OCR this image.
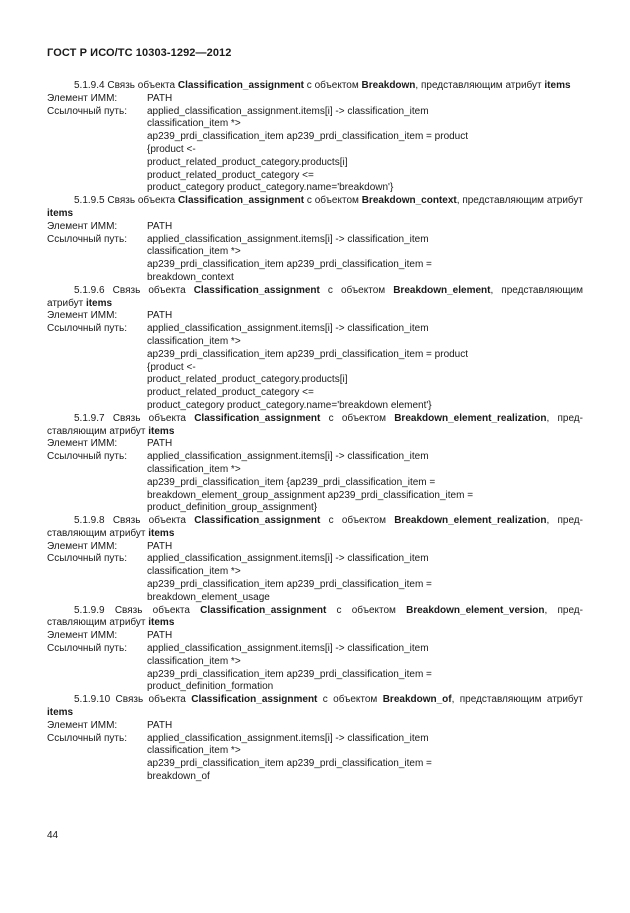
ГОСТ Р ИСО/ТС 10303-1292—2012
5.1.9.4 Связь объекта Classification_assignment с объектом Breakdown, представляющим атрибут items
Элемент ИММ:	PATH
Ссылочный путь:	applied_classification_assignment.items[i] -> classification_item
classification_item *>
ap239_prdi_classification_item ap239_prdi_classification_item = product
{product <-
product_related_product_category.products[i]
product_related_product_category <=
product_category product_category.name='breakdown'}
5.1.9.5 Связь объекта Classification_assignment с объектом Breakdown_context, представляющим атрибут items
Элемент ИММ:	PATH
Ссылочный путь:	applied_classification_assignment.items[i] -> classification_item
classification_item *>
ap239_prdi_classification_item ap239_prdi_classification_item =
breakdown_context
5.1.9.6 Связь объекта Classification_assignment с объектом Breakdown_element, представляющим атрибут items
Элемент ИММ:	PATH
Ссылочный путь:	applied_classification_assignment.items[i] -> classification_item
classification_item *>
ap239_prdi_classification_item ap239_prdi_classification_item = product
{product <-
product_related_product_category.products[i]
product_related_product_category <=
product_category product_category.name='breakdown element'}
5.1.9.7 Связь объекта Classification_assignment с объектом Breakdown_element_realization, представляющим атрибут items
Элемент ИММ:	PATH
Ссылочный путь:	applied_classification_assignment.items[i] -> classification_item
classification_item *>
ap239_prdi_classification_item {ap239_prdi_classification_item =
breakdown_element_group_assignment ap239_prdi_classification_item =
product_definition_group_assignment}
5.1.9.8 Связь объекта Classification_assignment с объектом Breakdown_element_realization, представляющим атрибут items
Элемент ИММ:	PATH
Ссылочный путь:	applied_classification_assignment.items[i] -> classification_item
classification_item *>
ap239_prdi_classification_item ap239_prdi_classification_item =
breakdown_element_usage
5.1.9.9 Связь объекта Classification_assignment с объектом Breakdown_element_version, представляющим атрибут items
Элемент ИММ:	PATH
Ссылочный путь:	applied_classification_assignment.items[i] -> classification_item
classification_item *>
ap239_prdi_classification_item ap239_prdi_classification_item =
product_definition_formation
5.1.9.10 Связь объекта Classification_assignment с объектом Breakdown_of, представляющим атрибут items
Элемент ИММ:	PATH
Ссылочный путь:	applied_classification_assignment.items[i] -> classification_item
classification_item *>
ap239_prdi_classification_item ap239_prdi_classification_item =
breakdown_of
44
